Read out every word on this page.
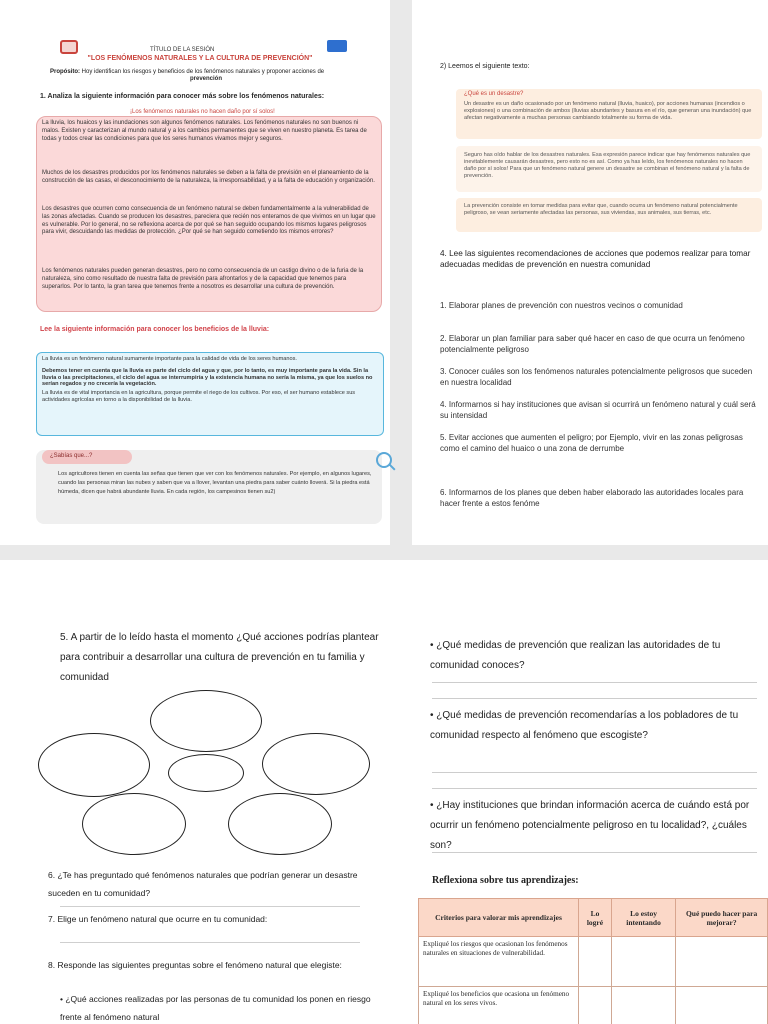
TÍTULO DE LA SESIÓN
"LOS FENÓMENOS NATURALES Y LA CULTURA DE PREVENCIÓN"
Propósito: Hoy identifican los riesgos y beneficios de los fenómenos naturales y proponer acciones de
prevención
1. Analiza la siguiente información para conocer más sobre los fenómenos naturales:
¡Los fenómenos naturales no hacen daño por sí solos!
La lluvia, los huaicos y las inundaciones son algunos fenómenos naturales. Los fenómenos naturales no son buenos ni malos. Existen y caracterizan al mundo natural y a los cambios permanentes que se viven en nuestro planeta. Es tarea de todas y todos crear las condiciones para que los seres humanos vivamos mejor y seguros.
Muchos de los desastres producidos por los fenómenos naturales se deben a la falta de previsión en el planeamiento de la construcción de las casas, el desconocimiento de la naturaleza, la irresponsabilidad, y a la falta de educación y organización.
Los desastres que ocurren como consecuencia de un fenómeno natural se deben fundamentalmente a la vulnerabilidad de las zonas afectadas. Cuando se producen los desastres, pareciera que recién nos enteramos de que vivimos en un lugar que es vulnerable. Por lo general, no se reflexiona acerca de por qué se han seguido ocupando los mismos lugares peligrosos para vivir, descuidando las medidas de protección. ¿Por qué se han seguido cometiendo los mismos errores?
Los fenómenos naturales pueden generan desastres, pero no como consecuencia de un castigo divino o de la furia de la naturaleza, sino como resultado de nuestra falta de previsión para afrontarlos y de la capacidad que tenemos para superarlos. Por lo tanto, la gran tarea que tenemos frente a nosotros es desarrollar una cultura de prevención.
Lee la siguiente información para conocer los beneficios de la lluvia:
La lluvia es un fenómeno natural sumamente importante para la calidad de vida de los seres humanos.
Debemos tener en cuenta que la lluvia es parte del ciclo del agua y que, por lo tanto, es muy importante para la vida. Sin la lluvia o las precipitaciones, el ciclo del agua se interrumpiría y la existencia humana no sería la misma, ya que los suelos no serían regados y no crecería la vegetación.
La lluvia es de vital importancia en la agricultura, porque permite el riego de los cultivos. Por eso, el ser humano establece sus actividades agrícolas en torno a la disponibilidad de la lluvia.
¿Sabías que...?
Los agricultores tienen en cuenta las señas que tienen que ver con los fenómenos naturales. Por ejemplo, en algunos lugares, cuando las personas miran las nubes y saben que va a llover, levantan una piedra para saber cuánto lloverá. Si la piedra está húmeda, dicen que habrá abundante lluvia. En cada región, los campesinos tienen su2)
2) Leemos el siguiente texto:
¿Qué es un desastre?
Un desastre es un daño ocasionado por un fenómeno natural (lluvia, huaico), por acciones humanas (incendios o explosiones) o una combinación de ambos (lluvias abundantes y basura en el río, que generan una inundación) que afectan negativamente a muchas personas cambiando totalmente su forma de vida.
Seguro has oído hablar de los desastres naturales. Esa expresión parece indicar que hay fenómenos naturales que inevitablemente causarán desastres, pero esto no es así. Como ya has leído, los fenómenos naturales no hacen daño por sí solos! Para que un fenómeno natural genere un desastre se combinan el fenómeno natural y la falta de prevención.
La prevención consiste en tomar medidas para evitar que, cuando ocurra un fenómeno natural potencialmente peligroso, se vean seriamente afectadas las personas, sus viviendas, sus animales, sus tierras, etc.
4. Lee las siguientes recomendaciones de acciones que podemos realizar para tomar adecuadas medidas de prevención en nuestra comunidad
1. Elaborar planes de prevención con nuestros vecinos o comunidad
2. Elaborar un plan familiar para saber qué hacer en caso de que ocurra un fenómeno potencialmente peligroso
3. Conocer cuáles son los fenómenos naturales potencialmente peligrosos que suceden en nuestra localidad
4. Informarnos si hay instituciones que avisan si ocurrirá un fenómeno natural y cuál será su intensidad
5. Evitar acciones que aumenten el peligro; por Ejemplo, vivir en las zonas peligrosas como el camino del huaico o una zona de derrumbe
6. Informarnos de los planes que deben haber elaborado las autoridades locales para hacer frente a estos fenóme
5. A partir de lo leído hasta el momento ¿Qué acciones podrías plantear para contribuir a desarrollar una cultura de prevención en tu familia y comunidad
6. ¿Te has preguntado qué fenómenos naturales que podrían generar un desastre suceden en tu comunidad?
7. Elige un fenómeno natural que ocurre en tu comunidad:
8. Responde las siguientes preguntas sobre el fenómeno natural que elegiste:
• ¿Qué acciones realizadas por las personas de tu comunidad los ponen en riesgo frente al fenómeno natural
• ¿Qué medidas de prevención que realizan las autoridades de tu comunidad conoces?
• ¿Qué medidas de prevención recomendarías a los pobladores de tu comunidad respecto al fenómeno que escogiste?
• ¿Hay instituciones que brindan información acerca de cuándo está por ocurrir un fenómeno potencialmente peligroso en tu localidad?, ¿cuáles son?
Reflexiona sobre tus aprendizajes:
Criterios para valorar mis aprendizajes	Lo logré	Lo estoy intentando	Qué puedo hacer para mejorar?
Expliqué los riesgos que ocasionan los fenómenos naturales en situaciones de vulnerabilidad.			
Expliqué los beneficios que ocasiona un fenómeno natural en los seres vivos.			
